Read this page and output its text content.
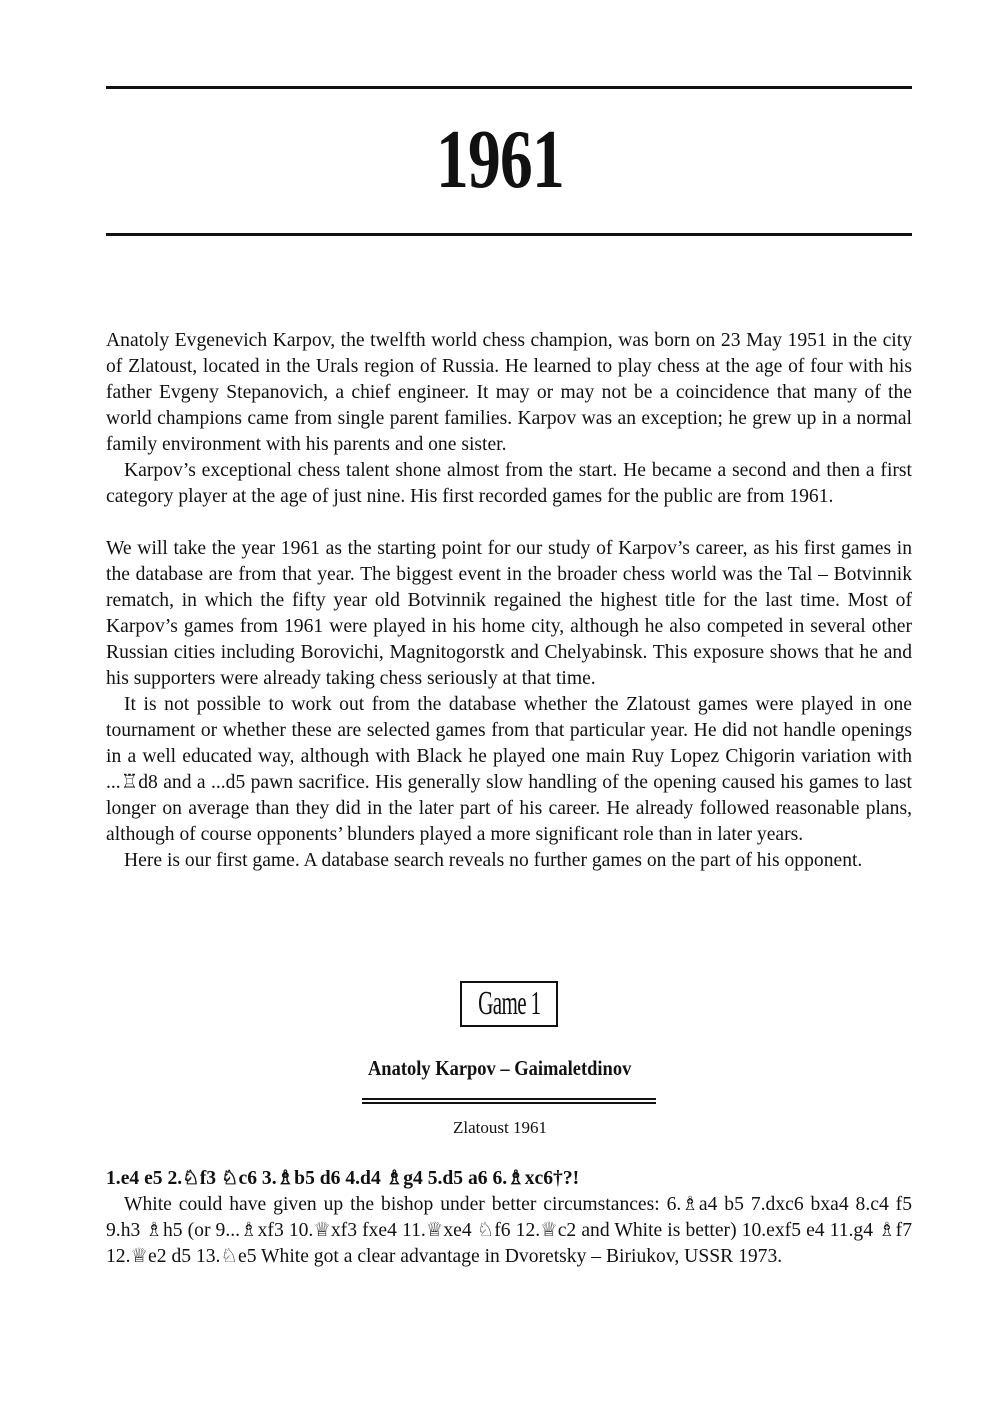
1961

Anatoly Evgenevich Karpov, the twelfth world chess champion, was born on 23 May 1951 in the city of Zlatoust, located in the Urals region of Russia. He learned to play chess at the age of four with his father Evgeny Stepanovich, a chief engineer. It may or may not be a coincidence that many of the world champions came from single parent families. Karpov was an exception; he grew up in a normal family environment with his parents and one sister.

Karpov’s exceptional chess talent shone almost from the start. He became a second and then a first category player at the age of just nine. His first recorded games for the public are from 1961.

We will take the year 1961 as the starting point for our study of Karpov’s career, as his first games in the database are from that year. The biggest event in the broader chess world was the Tal – Botvinnik rematch, in which the fifty year old Botvinnik regained the highest title for the last time. Most of Karpov’s games from 1961 were played in his home city, although he also competed in several other Russian cities including Borovichi, Magnitogorstk and Chelyabinsk. This exposure shows that he and his supporters were already taking chess seriously at that time.

It is not possible to work out from the database whether the Zlatoust games were played in one tournament or whether these are selected games from that particular year. He did not handle openings in a well educated way, although with Black he played one main Ruy Lopez Chigorin variation with ...♖d8 and a ...d5 pawn sacrifice. His generally slow handling of the opening caused his games to last longer on average than they did in the later part of his career. He already followed reasonable plans, although of course opponents’ blunders played a more significant role than in later years.

Here is our first game. A database search reveals no further games on the part of his opponent.

Game 1
Anatoly Karpov – Gaimaletdinov
Zlatoust 1961
1.e4 e5 2.♘f3 ♘c6 3.♗b5 d6 4.d4 ♗g4 5.d5 a6 6.♗xc6†?!
White could have given up the bishop under better circumstances: 6.♗a4 b5 7.dxc6 bxa4 8.c4 f5 9.h3 ♗h5 (or 9...♗xf3 10.♕xf3 fxe4 11.♕xe4 ♘f6 12.♕c2 and White is better) 10.exf5 e4 11.g4 ♗f7 12.♕e2 d5 13.♘e5 White got a clear advantage in Dvoretsky – Biriukov, USSR 1973.
